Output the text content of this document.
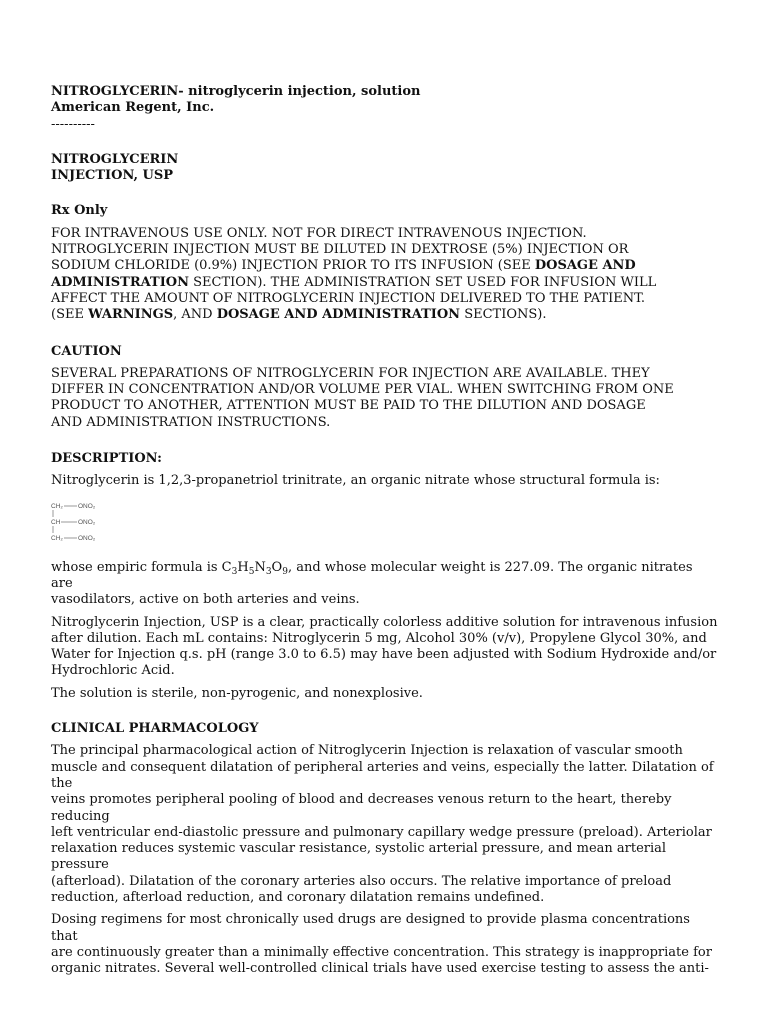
NITROGLYCERIN- nitroglycerin injection, solution

American Regent, Inc.

----------

NITROGLYCERIN

INJECTION, USP

Rx Only

FOR INTRAVENOUS USE ONLY. NOT FOR DIRECT INTRAVENOUS INJECTION.

NITROGLYCERIN INJECTION MUST BE DILUTED IN DEXTROSE (5%) INJECTION OR

SODIUM CHLORIDE (0.9%) INJECTION PRIOR TO ITS INFUSION (SEE DOSAGE AND

ADMINISTRATION SECTION). THE ADMINISTRATION SET USED FOR INFUSION WILL

AFFECT THE AMOUNT OF NITROGLYCERIN INJECTION DELIVERED TO THE PATIENT.

(SEE WARNINGS, AND DOSAGE AND ADMINISTRATION SECTIONS).

CAUTION

SEVERAL PREPARATIONS OF NITROGLYCERIN FOR INJECTION ARE AVAILABLE. THEY

DIFFER IN CONCENTRATION AND/OR VOLUME PER VIAL. WHEN SWITCHING FROM ONE

PRODUCT TO ANOTHER, ATTENTION MUST BE PAID TO THE DILUTION AND DOSAGE

AND ADMINISTRATION INSTRUCTIONS.

DESCRIPTION:

Nitroglycerin is 1,2,3-propanetriol trinitrate, an organic nitrate whose structural formula is:

CH₂ ONO₂
CH	ONO₂
CH₂ ONO₂

whose empiric formula is $C_3H_5N_3O_9$, and whose molecular weight is 227.09. The organic nitrates are

vasodilators, active on both arteries and veins.

Nitroglycerin Injection, USP is a clear, practically colorless additive solution for intravenous infusion

after dilution. Each mL contains: Nitroglycerin 5 mg, Alcohol 30% (v/v), Propylene Glycol 30%, and

Water for Injection q.s. pH (range 3.0 to 6.5) may have been adjusted with Sodium Hydroxide and/or

Hydrochloric Acid.

The solution is sterile, non-pyrogenic, and nonexplosive.

CLINICAL PHARMACOLOGY

The principal pharmacological action of Nitroglycerin Injection is relaxation of vascular smooth

muscle and consequent dilatation of peripheral arteries and veins, especially the latter. Dilatation of the

veins promotes peripheral pooling of blood and decreases venous return to the heart, thereby reducing

left ventricular end-diastolic pressure and pulmonary capillary wedge pressure (preload). Arteriolar

relaxation reduces systemic vascular resistance, systolic arterial pressure, and mean arterial pressure

(afterload). Dilatation of the coronary arteries also occurs. The relative importance of preload

reduction, afterload reduction, and coronary dilatation remains undefined.

Dosing regimens for most chronically used drugs are designed to provide plasma concentrations that

are continuously greater than a minimally effective concentration. This strategy is inappropriate for

organic nitrates. Several well-controlled clinical trials have used exercise testing to assess the anti-
